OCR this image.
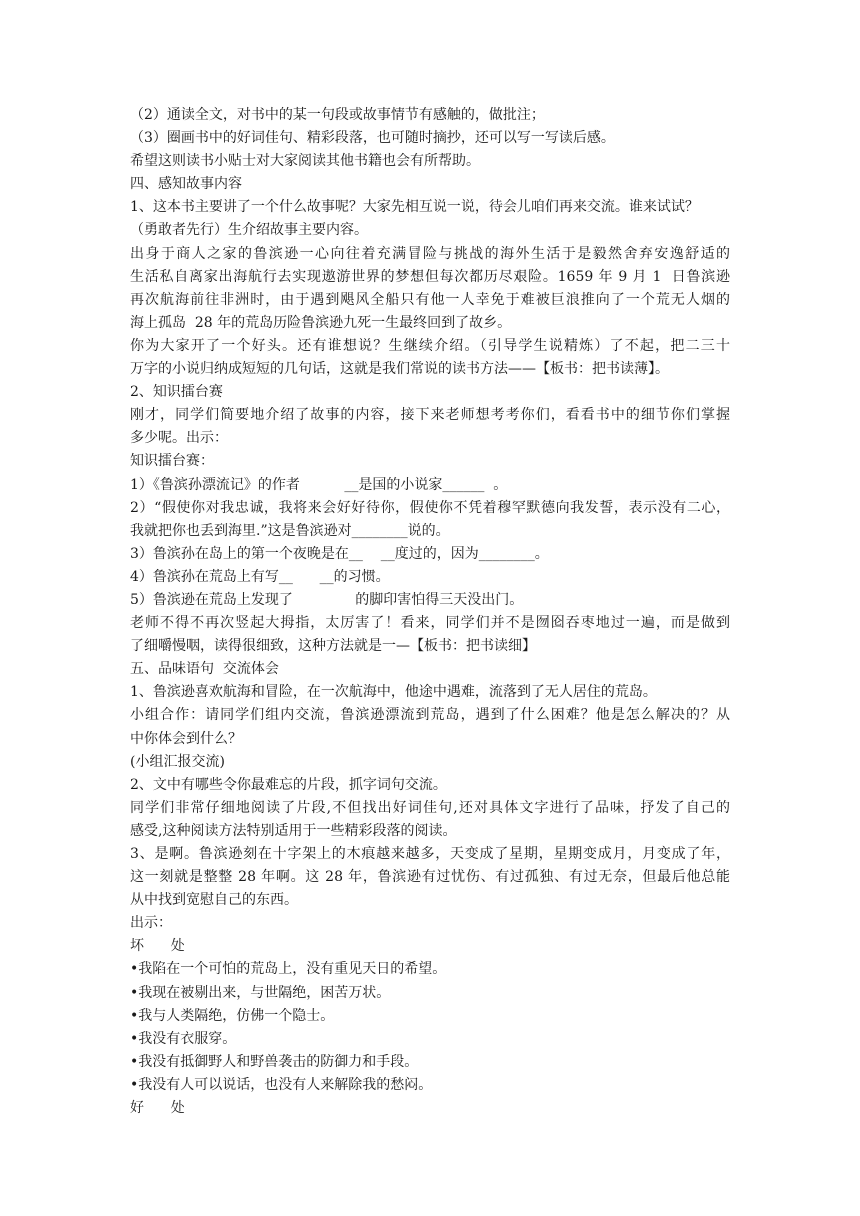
（2）通读全文，对书中的某一句段或故事情节有感触的，做批注；
（3）圈画书中的好词佳句、精彩段落，也可随时摘抄，还可以写一写读后感。
希望这则读书小贴士对大家阅读其他书籍也会有所帮助。
四、感知故事内容
1、这本书主要讲了一个什么故事呢？大家先相互说一说，待会儿咱们再来交流。谁来试试？
（勇敢者先行）生介绍故事主要内容。
出身于商人之家的鲁滨逊一心向往着充满冒险与挑战的海外生活于是毅然舍弃安逸舒适的
生活私自离家出海航行去实现遨游世界的梦想但每次都历尽艰险。1659 年 9 月 1  日鲁滨逊
再次航海前往非洲时，由于遇到飓风全船只有他一人幸免于难被巨浪推向了一个荒无人烟的
海上孤岛  28 年的荒岛历险鲁滨逊九死一生最终回到了故乡。
你为大家开了一个好头。还有谁想说？生继续介绍。（引导学生说精炼）了不起，把二三十
万字的小说归纳成短短的几句话，这就是我们常说的读书方法——【板书：把书读薄】。
2、知识擂台赛
刚才，同学们简要地介绍了故事的内容，接下来老师想考考你们，看看书中的细节你们掌握
多少呢。出示：
知识擂台赛：
1）《鲁滨孙漂流记》的作者          __是国的小说家______  。
2）“假使你对我忠诚，我将来会好好待你，假使你不凭着穆罕默德向我发誓，表示没有二心，
我就把你也丢到海里.”这是鲁滨逊对________说的。
3）鲁滨孙在岛上的第一个夜晚是在__    __度过的，因为________。
4）鲁滨孙在荒岛上有写__      __的习惯。
5）鲁滨逊在荒岛上发现了              的脚印害怕得三天没出门。
老师不得不再次竖起大拇指，太厉害了！看来，同学们并不是囫囵吞枣地过一遍，而是做到
了细嚼慢咽，读得很细致，这种方法就是一—【板书：把书读细】
五、品味语句  交流体会
1、鲁滨逊喜欢航海和冒险，在一次航海中，他途中遇难，流落到了无人居住的荒岛。
小组合作：请同学们组内交流，鲁滨逊漂流到荒岛，遇到了什么困难？他是怎么解决的？从
中你体会到什么？
(小组汇报交流)
2、文中有哪些令你最难忘的片段，抓字词句交流。
同学们非常仔细地阅读了片段,不但找出好词佳句,还对具体文字进行了品味，抒发了自己的
感受,这种阅读方法特别适用于一些精彩段落的阅读。
3、是啊。鲁滨逊刻在十字架上的木痕越来越多，天变成了星期，星期变成月，月变成了年，
这一刻就是整整 28 年啊。这 28 年，鲁滨逊有过忧伤、有过孤独、有过无奈，但最后他总能
从中找到宽慰自己的东西。
出示：
坏      处
•我陷在一个可怕的荒岛上，没有重见天日的希望。
•我现在被剔出来，与世隔绝，困苦万状。
•我与人类隔绝，仿佛一个隐士。
•我没有衣服穿。
•我没有抵御野人和野兽袭击的防御力和手段。
•我没有人可以说话，也没有人来解除我的愁闷。
好      处
